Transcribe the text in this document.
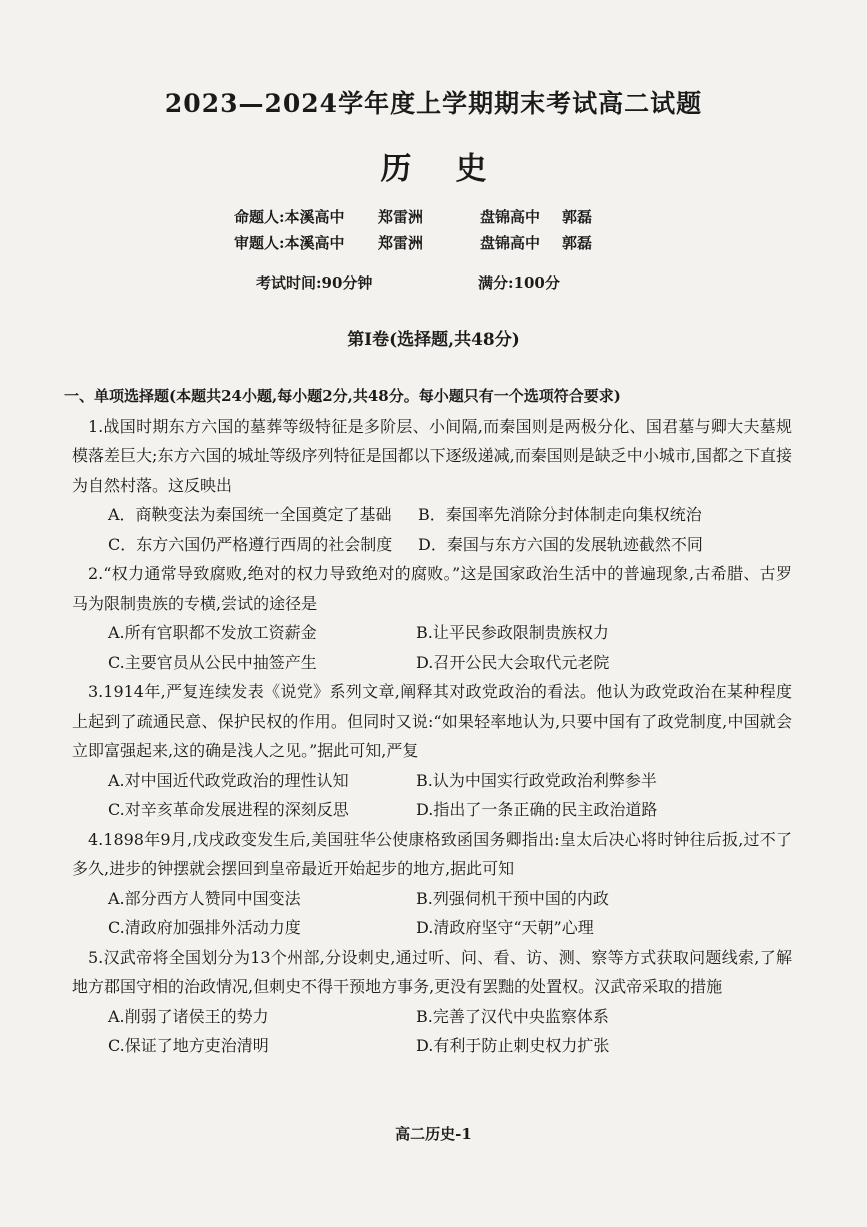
2023—2024学年度上学期期末考试高二试题
历史
命题人:本溪高中 郑雷洲	盘锦高中 郭磊
审题人:本溪高中 郑雷洲	盘锦高中 郭磊
考试时间:90分钟	满分:100分
第Ⅰ卷(选择题,共48分)
一、单项选择题(本题共24小题,每小题2分,共48分。每小题只有一个选项符合要求)
1.战国时期东方六国的墓葬等级特征是多阶层、小间隔,而秦国则是两极分化、国君墓与卿大夫墓规模落差巨大;东方六国的城址等级序列特征是国都以下逐级递减,而秦国则是缺乏中小城市,国都之下直接为自然村落。这反映出
A．商鞅变法为秦国统一全国奠定了基础	B．秦国率先消除分封体制走向集权统治
C．东方六国仍严格遵行西周的社会制度	D．秦国与东方六国的发展轨迹截然不同
2.“权力通常导致腐败,绝对的权力导致绝对的腐败。”这是国家政治生活中的普遍现象,古希腊、古罗马为限制贵族的专横,尝试的途径是
A.所有官职都不发放工资薪金	B.让平民参政限制贵族权力
C.主要官员从公民中抽签产生	D.召开公民大会取代元老院
3.1914年,严复连续发表《说党》系列文章,阐释其对政党政治的看法。他认为政党政治在某种程度上起到了疏通民意、保护民权的作用。但同时又说:“如果轻率地认为,只要中国有了政党制度,中国就会立即富强起来,这的确是浅人之见。”据此可知,严复
A.对中国近代政党政治的理性认知	B.认为中国实行政党政治利弊参半
C.对辛亥革命发展进程的深刻反思	D.指出了一条正确的民主政治道路
4.1898年9月,戊戌政变发生后,美国驻华公使康格致函国务卿指出:皇太后决心将时钟往后扳,过不了多久,进步的钟摆就会摆回到皇帝最近开始起步的地方,据此可知
A.部分西方人赞同中国变法	B.列强伺机干预中国的内政
C.清政府加强排外活动力度	D.清政府坚守“天朝”心理
5.汉武帝将全国划分为13个州部,分设刺史,通过听、问、看、访、测、察等方式获取问题线索,了解地方郡国守相的治政情况,但刺史不得干预地方事务,更没有罢黜的处置权。汉武帝采取的措施
A.削弱了诸侯王的势力	B.完善了汉代中央监察体系
C.保证了地方吏治清明	D.有利于防止刺史权力扩张
高二历史-1
